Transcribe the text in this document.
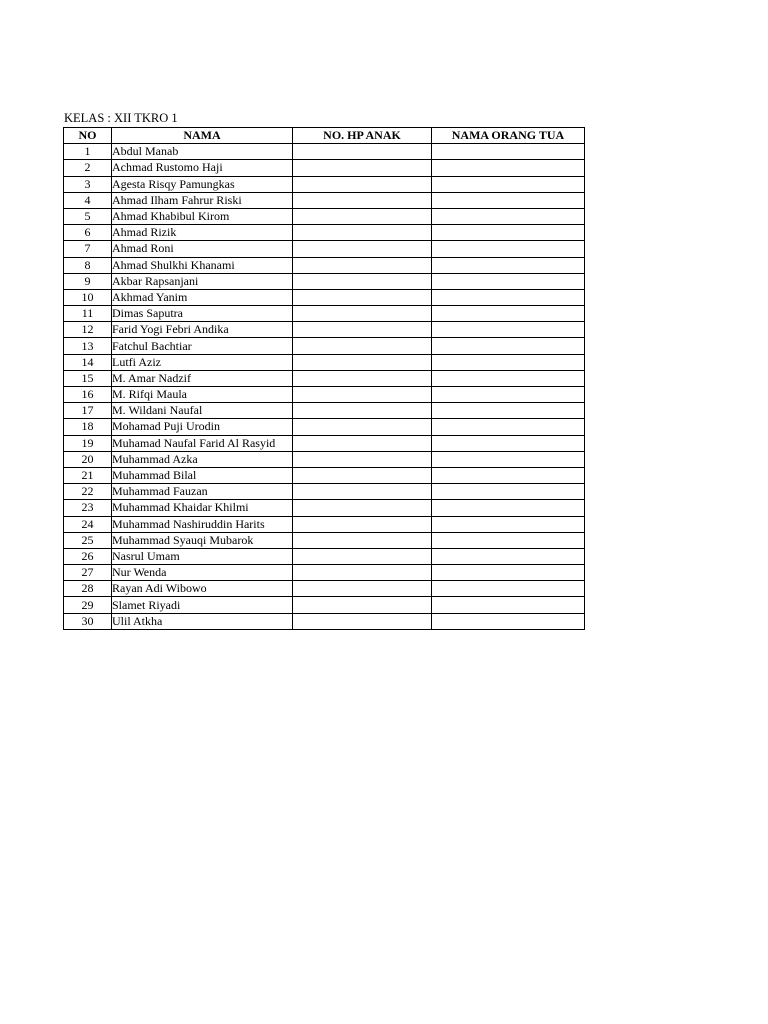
KELAS : XII TKRO 1
NO	NAMA	NO. HP ANAK	NAMA ORANG TUA
1	Abdul Manab		
2	Achmad Rustomo Haji		
3	Agesta Risqy Pamungkas		
4	Ahmad Ilham Fahrur Riski		
5	Ahmad Khabibul Kirom		
6	Ahmad Rizik		
7	Ahmad Roni		
8	Ahmad Shulkhi Khanami		
9	Akbar Rapsanjani		
10	Akhmad Yanim		
11	Dimas Saputra		
12	Farid Yogi Febri Andika		
13	Fatchul Bachtiar		
14	Lutfi Aziz		
15	M. Amar Nadzif		
16	M. Rifqi Maula		
17	M. Wildani Naufal		
18	Mohamad Puji Urodin		
19	Muhamad Naufal Farid Al Rasyid		
20	Muhammad Azka		
21	Muhammad Bilal		
22	Muhammad Fauzan		
23	Muhammad Khaidar Khilmi		
24	Muhammad Nashiruddin Harits		
25	Muhammad Syauqi Mubarok		
26	Nasrul Umam		
27	Nur Wenda		
28	Rayan Adi Wibowo		
29	Slamet Riyadi		
30	Ulil Atkha		
